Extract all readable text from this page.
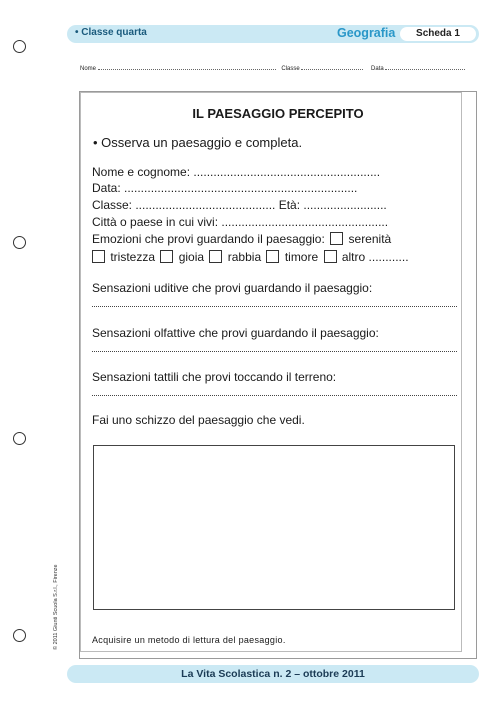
• Classe quarta	Geografia	Scheda 1
Nome	Classe	Data
IL PAESAGGIO PERCEPITO
• Osserva un paesaggio e completa.
Nome e cognome: ........................................................
Data: ......................................................................
Classe: .......................................... Età: .........................
Città o paese in cui vivi: ..................................................
Emozioni che provi guardando il paesaggio: serenità
tristezza gioia rabbia timore altro ............
Sensazioni uditive che provi guardando il paesaggio:
Sensazioni olfattive che provi guardando il paesaggio:
Sensazioni tattili che provi toccando il terreno:
Fai uno schizzo del paesaggio che vedi.
Acquisire un metodo di lettura del paesaggio.
© 2011 Giunti Scuola S.r.l., Firenze
La Vita Scolastica n. 2 – ottobre 2011
